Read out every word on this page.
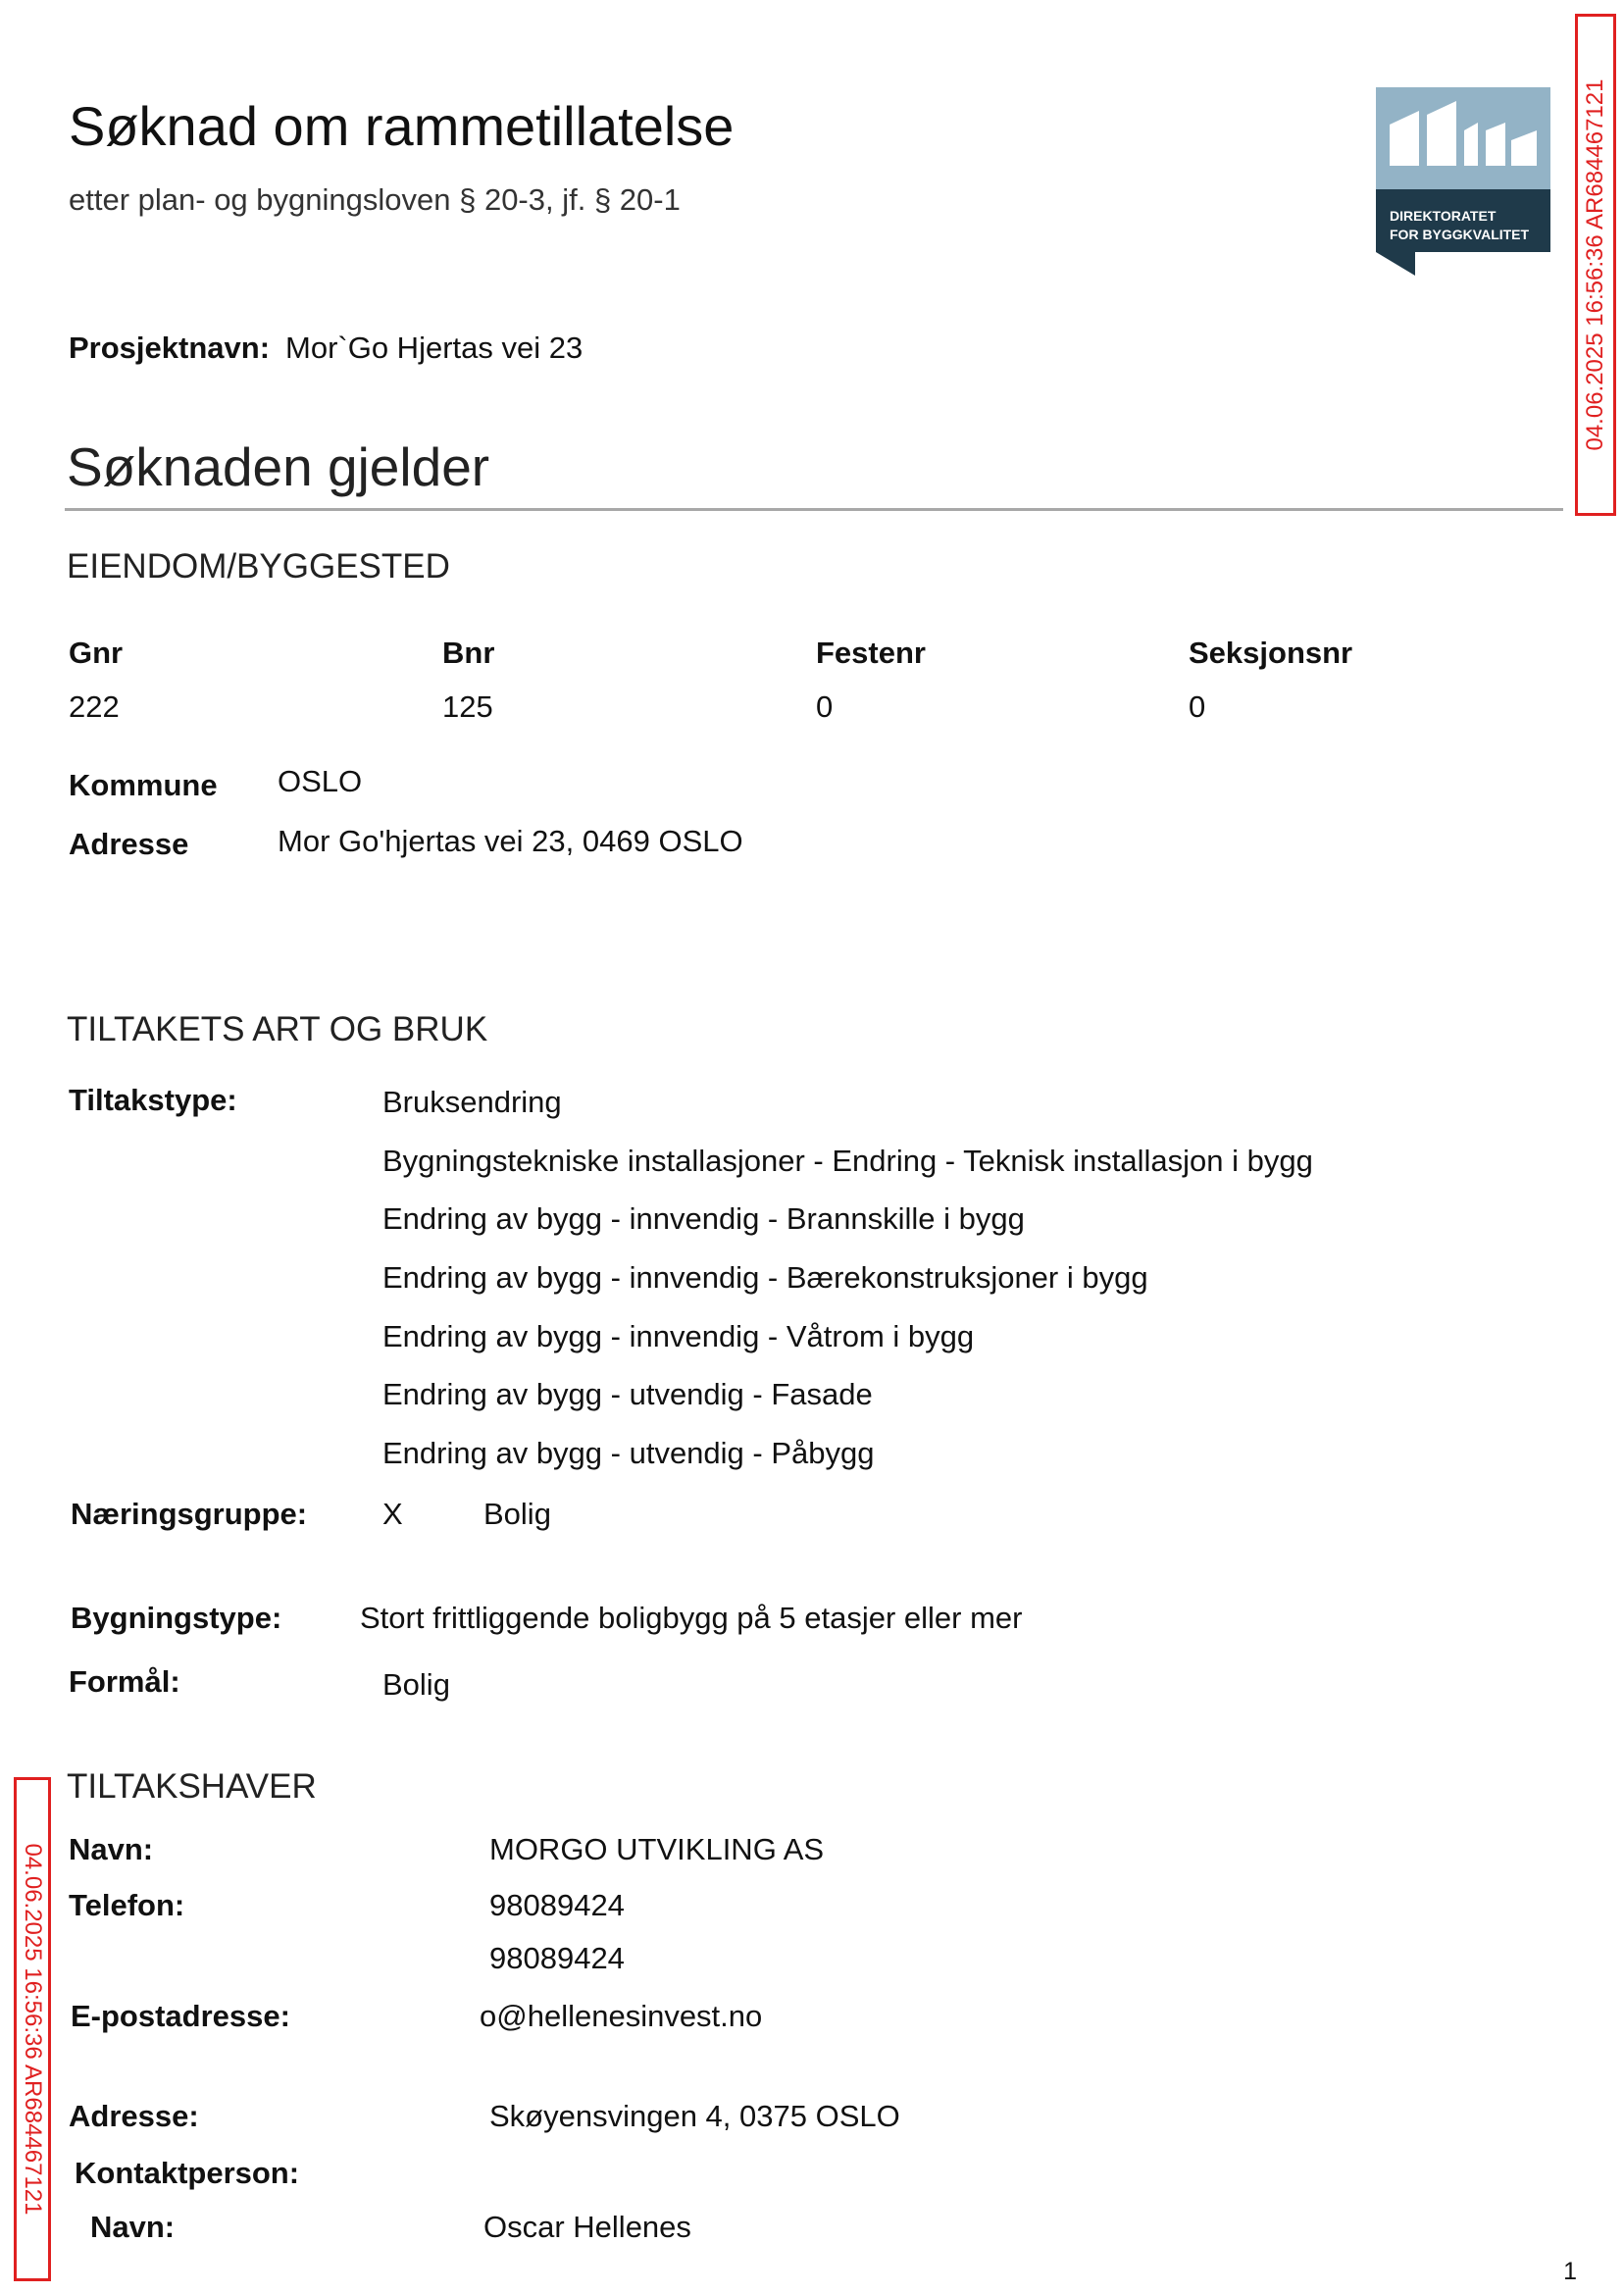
Søknad om rammetillatelse
etter plan- og bygningsloven § 20-3, jf. § 20-1	DIREKTORATET
FOR BYGGKVALITET
Prosjektnavn: Mor`Go Hjertas vei 23
Søknaden gjelder
EIENDOM/BYGGESTED
Gnr	Bnr	Festenr	Seksjonsnr
222	125	0	0
Kommune OSLO
Adresse	Mor Go'hjertas vei 23, 0469 OSLO
TILTAKETS ART OG BRUK
Tiltakstype:	Bruksendring
Bygningstekniske installasjoner - Endring - Teknisk installasjon i bygg
Endring av bygg - innvendig - Brannskille i bygg
Endring av bygg - innvendig - Bærekonstruksjoner i bygg
Endring av bygg - innvendig - Våtrom i bygg
Endring av bygg - utvendig - Fasade
Endring av bygg - utvendig - Påbygg
Næringsgruppe: X	Bolig
Bygningstype:	Stort frittliggende boligbygg på 5 etasjer eller mer
Formål:	Bolig
TILTAKSHAVER
Navn:	MORGO UTVIKLING AS
Telefon:	98089424
98089424
E-postadresse:	o@hellenesinvest.no
Adresse:	Skøyensvingen 4, 0375 OSLO
Kontaktperson:
Navn:	Oscar Hellenes
04.06.2025 16:56:36 AR684467121
04.06.2025 16:56:36 AR684467121
1
